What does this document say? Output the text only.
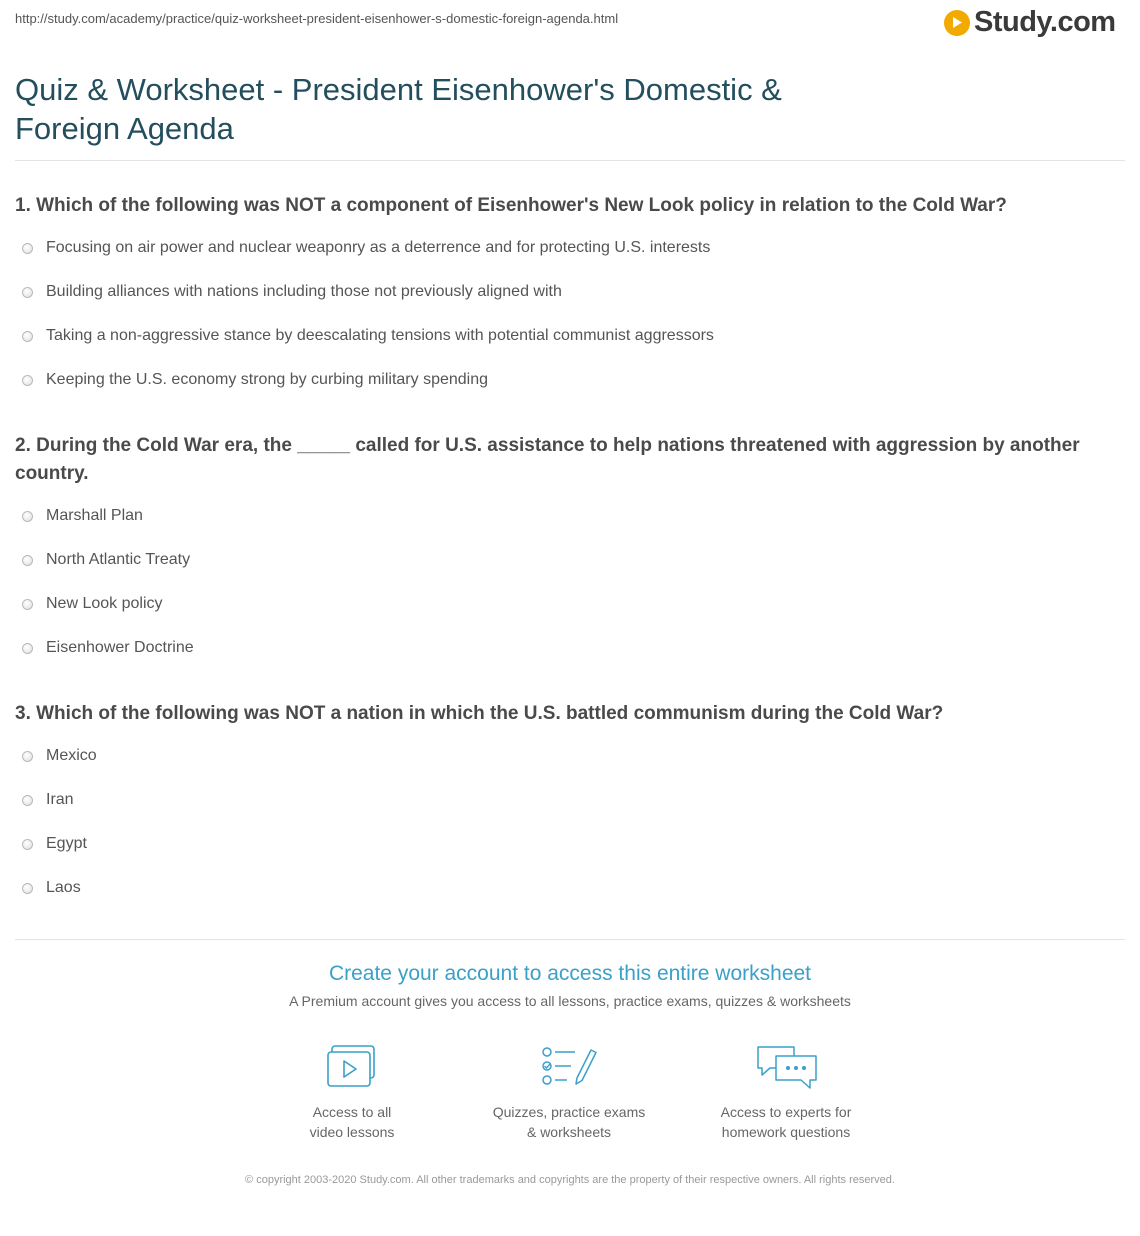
http://study.com/academy/practice/quiz-worksheet-president-eisenhower-s-domestic-foreign-agenda.html	Study.com
Quiz & Worksheet - President Eisenhower's Domestic &
Foreign Agenda

1. Which of the following was NOT a component of Eisenhower's New Look policy in relation to the Cold War?

Focusing on air power and nuclear weaponry as a deterrence and for protecting U.S. interests
Building alliances with nations including those not previously aligned with
Taking a non-aggressive stance by deescalating tensions with potential communist aggressors
Keeping the U.S. economy strong by curbing military spending

2. During the Cold War era, the _____ called for U.S. assistance to help nations threatened with aggression by another country.

Marshall Plan
North Atlantic Treaty
New Look policy
Eisenhower Doctrine

3. Which of the following was NOT a nation in which the U.S. battled communism during the Cold War?

Mexico
Iran
Egypt
Laos
Create your account to access this entire worksheet
A Premium account gives you access to all lessons, practice exams, quizzes & worksheets
Access to all
video lessons
Quizzes, practice exams
& worksheets
Access to experts for
homework questions
© copyright 2003-2020 Study.com. All other trademarks and copyrights are the property of their respective owners. All rights reserved.
